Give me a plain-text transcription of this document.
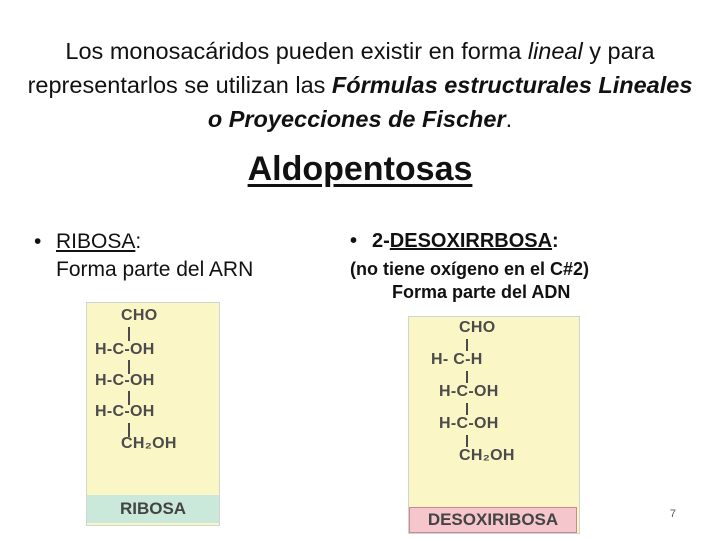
Los monosacáridos pueden existir en forma lineal y para representarlos se utilizan las Fórmulas estructurales Lineales o Proyecciones de Fischer.
Aldopentosas
• RIBOSA :
Forma parte del ARN
CHO
H-C-OH
H-C-OH
H-C-OH
CH₂OH
RIBOSA
• 2- DESOXIRRBOSA :
(no tiene oxígeno en el C#2)
Forma parte del ADN
CHO
H- C-H
H-C-OH
H-C-OH
CH₂OH
DESOXIRIBOSA	7
